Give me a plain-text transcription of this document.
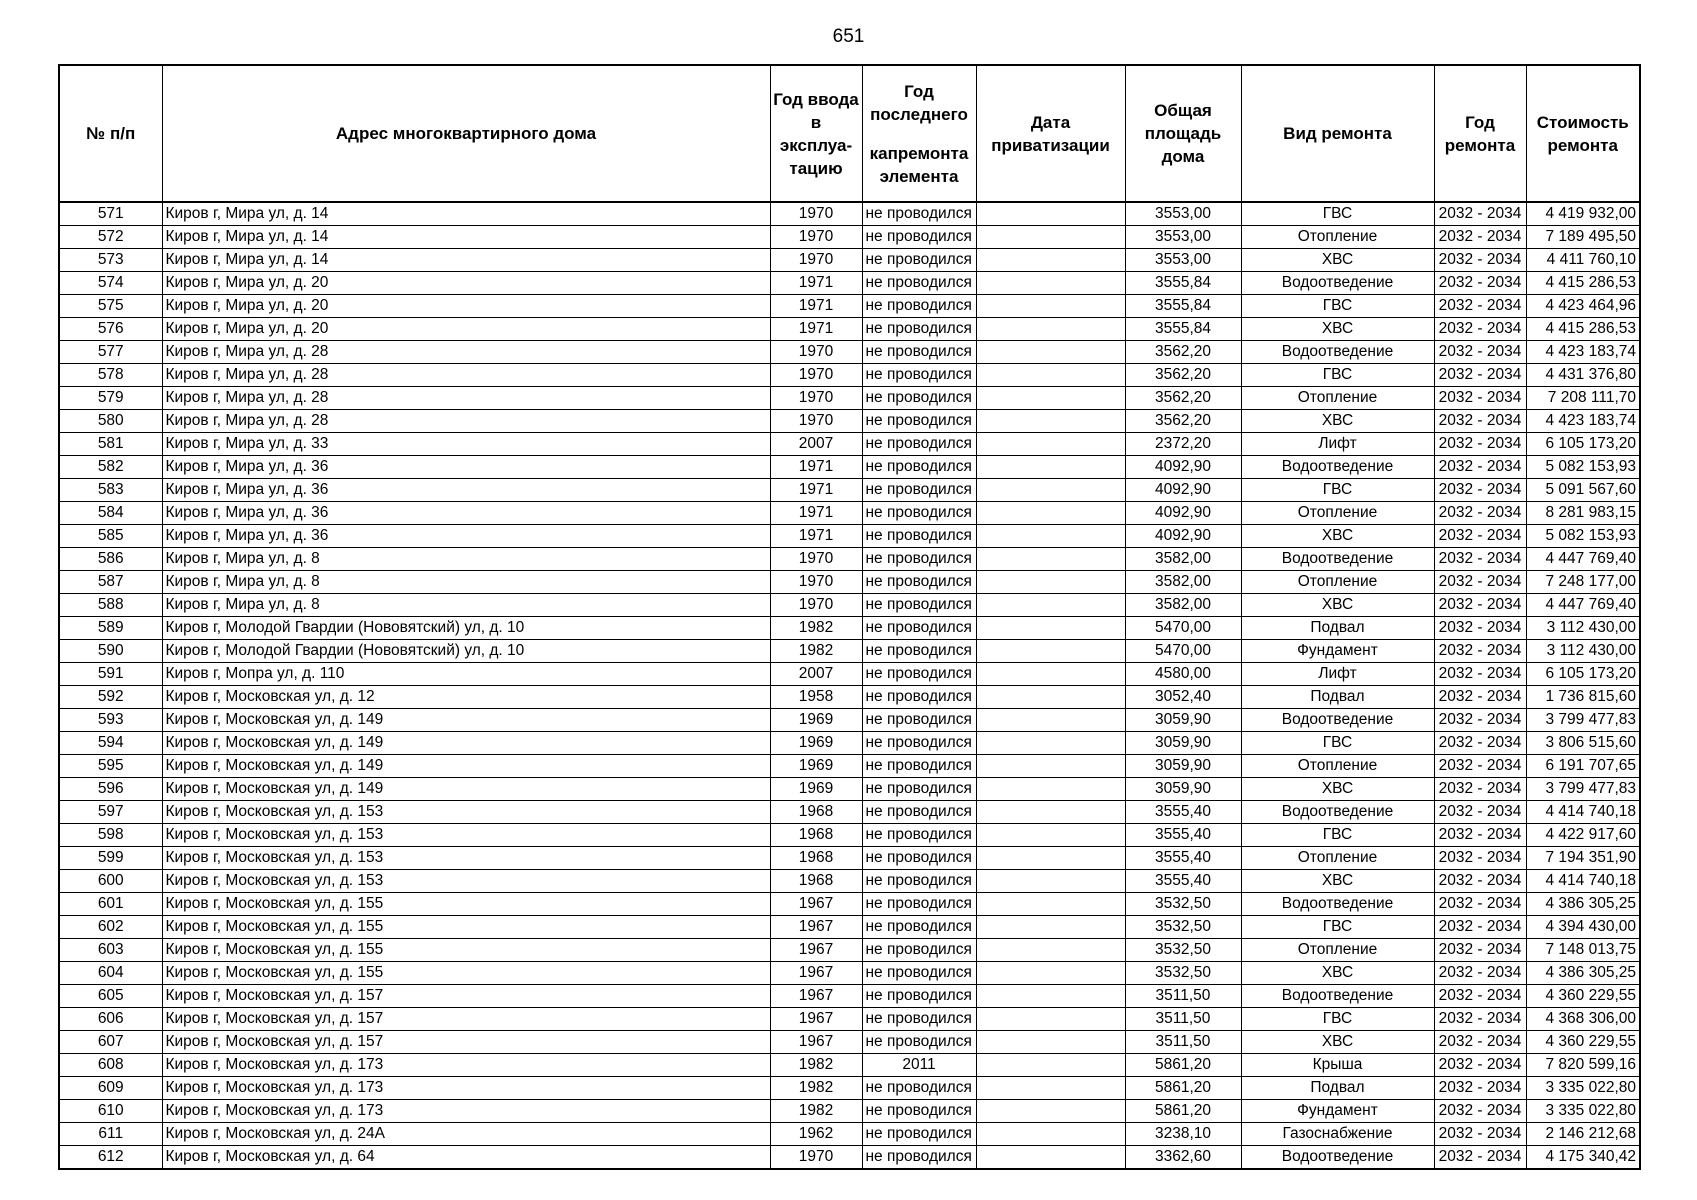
651
№ п/п	Адрес многоквартирного дома	Год ввода в эксплуа-тацию	Год последнего
капремонта элемента	Дата приватизации	Общая площадь дома	Вид ремонта	Год ремонта	Стоимость ремонта
571	Киров г, Мира ул, д. 14	1970	не проводился		3553,00	ГВС	2032 - 2034	4 419 932,00
572	Киров г, Мира ул, д. 14	1970	не проводился		3553,00	Отопление	2032 - 2034	7 189 495,50
573	Киров г, Мира ул, д. 14	1970	не проводился		3553,00	ХВС	2032 - 2034	4 411 760,10
574	Киров г, Мира ул, д. 20	1971	не проводился		3555,84	Водоотведение	2032 - 2034	4 415 286,53
575	Киров г, Мира ул, д. 20	1971	не проводился		3555,84	ГВС	2032 - 2034	4 423 464,96
576	Киров г, Мира ул, д. 20	1971	не проводился		3555,84	ХВС	2032 - 2034	4 415 286,53
577	Киров г, Мира ул, д. 28	1970	не проводился		3562,20	Водоотведение	2032 - 2034	4 423 183,74
578	Киров г, Мира ул, д. 28	1970	не проводился		3562,20	ГВС	2032 - 2034	4 431 376,80
579	Киров г, Мира ул, д. 28	1970	не проводился		3562,20	Отопление	2032 - 2034	7 208 111,70
580	Киров г, Мира ул, д. 28	1970	не проводился		3562,20	ХВС	2032 - 2034	4 423 183,74
581	Киров г, Мира ул, д. 33	2007	не проводился		2372,20	Лифт	2032 - 2034	6 105 173,20
582	Киров г, Мира ул, д. 36	1971	не проводился		4092,90	Водоотведение	2032 - 2034	5 082 153,93
583	Киров г, Мира ул, д. 36	1971	не проводился		4092,90	ГВС	2032 - 2034	5 091 567,60
584	Киров г, Мира ул, д. 36	1971	не проводился		4092,90	Отопление	2032 - 2034	8 281 983,15
585	Киров г, Мира ул, д. 36	1971	не проводился		4092,90	ХВС	2032 - 2034	5 082 153,93
586	Киров г, Мира ул, д. 8	1970	не проводился		3582,00	Водоотведение	2032 - 2034	4 447 769,40
587	Киров г, Мира ул, д. 8	1970	не проводился		3582,00	Отопление	2032 - 2034	7 248 177,00
588	Киров г, Мира ул, д. 8	1970	не проводился		3582,00	ХВС	2032 - 2034	4 447 769,40
589	Киров г, Молодой Гвардии (Нововятский) ул, д. 10	1982	не проводился		5470,00	Подвал	2032 - 2034	3 112 430,00
590	Киров г, Молодой Гвардии (Нововятский) ул, д. 10	1982	не проводился		5470,00	Фундамент	2032 - 2034	3 112 430,00
591	Киров г, Мопра ул, д. 110	2007	не проводился		4580,00	Лифт	2032 - 2034	6 105 173,20
592	Киров г, Московская ул, д. 12	1958	не проводился		3052,40	Подвал	2032 - 2034	1 736 815,60
593	Киров г, Московская ул, д. 149	1969	не проводился		3059,90	Водоотведение	2032 - 2034	3 799 477,83
594	Киров г, Московская ул, д. 149	1969	не проводился		3059,90	ГВС	2032 - 2034	3 806 515,60
595	Киров г, Московская ул, д. 149	1969	не проводился		3059,90	Отопление	2032 - 2034	6 191 707,65
596	Киров г, Московская ул, д. 149	1969	не проводился		3059,90	ХВС	2032 - 2034	3 799 477,83
597	Киров г, Московская ул, д. 153	1968	не проводился		3555,40	Водоотведение	2032 - 2034	4 414 740,18
598	Киров г, Московская ул, д. 153	1968	не проводился		3555,40	ГВС	2032 - 2034	4 422 917,60
599	Киров г, Московская ул, д. 153	1968	не проводился		3555,40	Отопление	2032 - 2034	7 194 351,90
600	Киров г, Московская ул, д. 153	1968	не проводился		3555,40	ХВС	2032 - 2034	4 414 740,18
601	Киров г, Московская ул, д. 155	1967	не проводился		3532,50	Водоотведение	2032 - 2034	4 386 305,25
602	Киров г, Московская ул, д. 155	1967	не проводился		3532,50	ГВС	2032 - 2034	4 394 430,00
603	Киров г, Московская ул, д. 155	1967	не проводился		3532,50	Отопление	2032 - 2034	7 148 013,75
604	Киров г, Московская ул, д. 155	1967	не проводился		3532,50	ХВС	2032 - 2034	4 386 305,25
605	Киров г, Московская ул, д. 157	1967	не проводился		3511,50	Водоотведение	2032 - 2034	4 360 229,55
606	Киров г, Московская ул, д. 157	1967	не проводился		3511,50	ГВС	2032 - 2034	4 368 306,00
607	Киров г, Московская ул, д. 157	1967	не проводился		3511,50	ХВС	2032 - 2034	4 360 229,55
608	Киров г, Московская ул, д. 173	1982	2011		5861,20	Крыша	2032 - 2034	7 820 599,16
609	Киров г, Московская ул, д. 173	1982	не проводился		5861,20	Подвал	2032 - 2034	3 335 022,80
610	Киров г, Московская ул, д. 173	1982	не проводился		5861,20	Фундамент	2032 - 2034	3 335 022,80
611	Киров г, Московская ул, д. 24А	1962	не проводился		3238,10	Газоснабжение	2032 - 2034	2 146 212,68
612	Киров г, Московская ул, д. 64	1970	не проводился		3362,60	Водоотведение	2032 - 2034	4 175 340,42
